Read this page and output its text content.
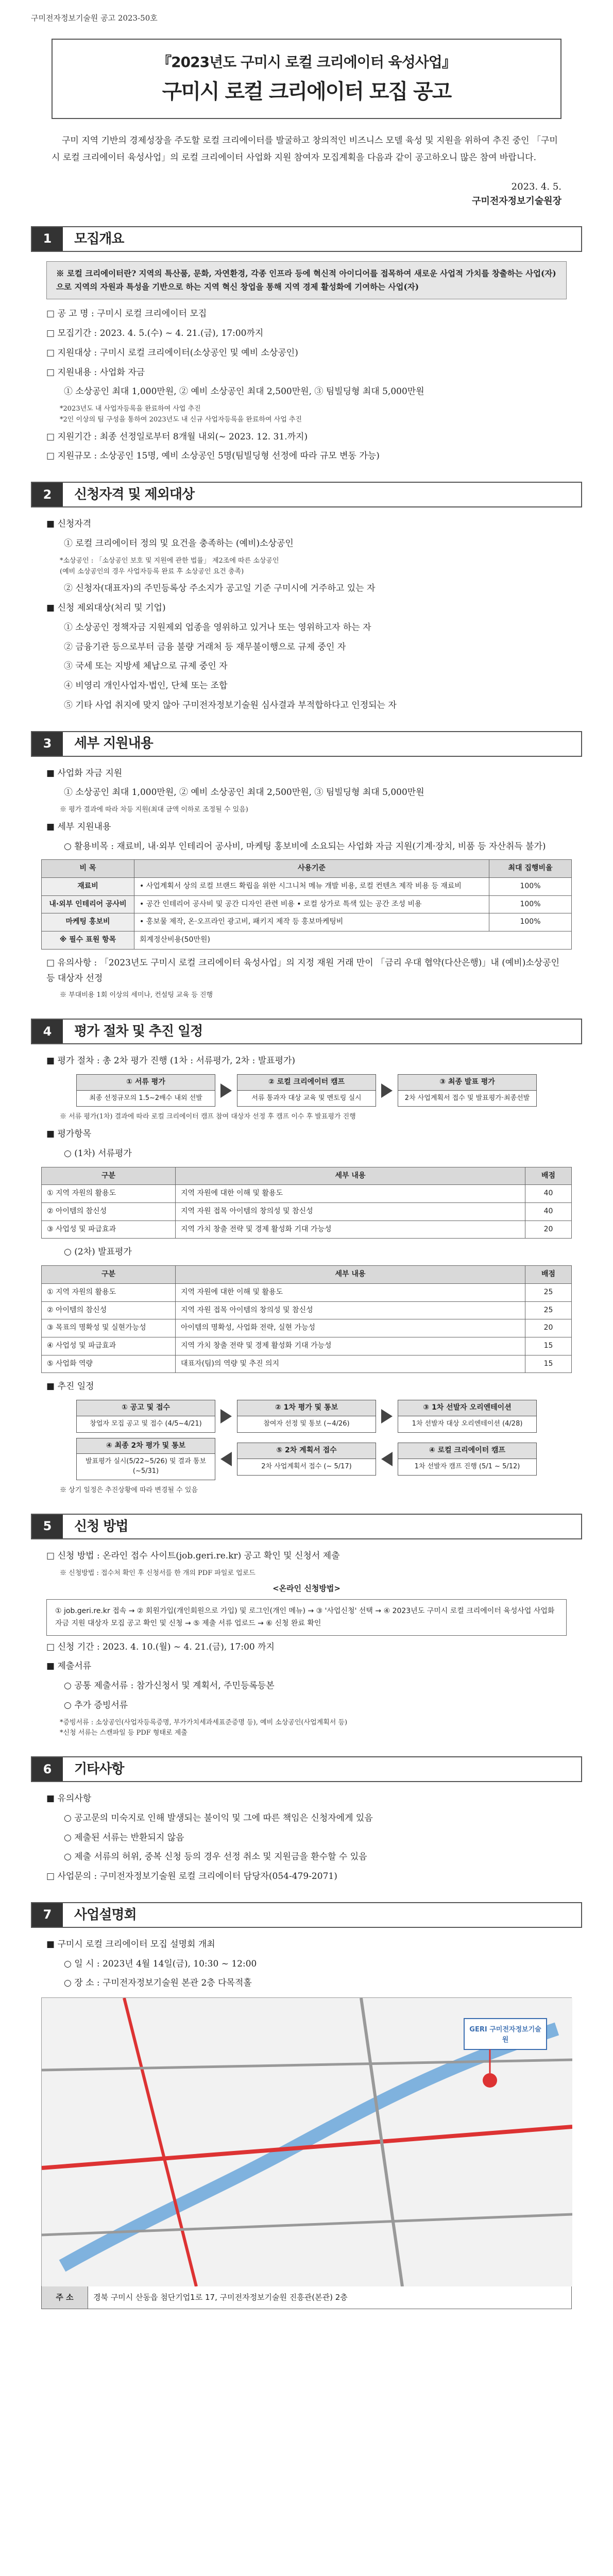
구미전자정보기술원 공고 2023-50호
『2023년도 구미시 로컬 크리에이터 육성사업』
구미시 로컬 크리에이터 모집 공고

구미 지역 기반의 경제성장을 주도할 로컬 크리에이터를 발굴하고 창의적인 비즈니스 모델 육성 및 지원을 위하여 추진 중인 「구미시 로컬 크리에이터 육성사업」의 로컬 크리에이터 사업화 지원 참여자 모집계획을 다음과 같이 공고하오니 많은 참여 바랍니다.

2023. 4. 5.
구미전자정보기술원장
1	모집개요
※ 로컬 크리에이터란? 지역의 특산품, 문화, 자연환경, 각종 인프라 등에 혁신적 아이디어를 접목하여 새로운 사업적 가치를 창출하는 사업(자)으로 지역의 자원과 특성을 기반으로 하는 지역 혁신 창업을 통해 지역 경제 활성화에 기여하는 사업(자)
□ 공 고 명 : 구미시 로컬 크리에이터 모집
□ 모집기간 : 2023. 4. 5.(수) ~ 4. 21.(금), 17:00까지
□ 지원대상 : 구미시 로컬 크리에이터(소상공인 및 예비 소상공인)
□ 지원내용 : 사업화 자금
① 소상공인 최대 1,000만원, ② 예비 소상공인 최대 2,500만원, ③ 팀빌딩형 최대 5,000만원
*2023년도 내 사업자등록을 완료하여 사업 추진
*2인 이상의 팀 구성을 통하여 2023년도 내 신규 사업자등록을 완료하여 사업 추진
□ 지원기간 : 최종 선정일로부터 8개월 내외(~ 2023. 12. 31.까지)
□ 지원규모 : 소상공인 15명, 예비 소상공인 5명(팀빌딩형 선정에 따라 규모 변동 가능)
2	신청자격 및 제외대상
■ 신청자격
① 로컬 크리에이터 정의 및 요건을 충족하는 (예비)소상공인
*소상공인 : 「소상공인 보호 및 지원에 관한 법률」 제2조에 따른 소상공인
(예비 소상공인의 경우 사업자등록 완료 후 소상공인 요건 충족)
② 신청자(대표자)의 주민등록상 주소지가 공고일 기준 구미시에 거주하고 있는 자
■ 신청 제외대상(처리 및 기업)
① 소상공인 정책자금 지원제외 업종을 영위하고 있거나 또는 영위하고자 하는 자
② 금융기관 등으로부터 금융 불량 거래처 등 재무불이행으로 규제 중인 자
③ 국세 또는 지방세 체납으로 규제 중인 자
④ 비영리 개인사업자·법인, 단체 또는 조합
⑤ 기타 사업 취지에 맞지 않아 구미전자정보기술원 심사결과 부적합하다고 인정되는 자
3	세부 지원내용
■ 사업화 자금 지원
① 소상공인 최대 1,000만원, ② 예비 소상공인 최대 2,500만원, ③ 팀빌딩형 최대 5,000만원
※ 평가 결과에 따라 차등 지원(최대 금액 이하로 조정될 수 있음)
■ 세부 지원내용
○ 활용비목 : 재료비, 내·외부 인테리어 공사비, 마케팅 홍보비에 소요되는 사업화 자금 지원(기계·장치, 비품 등 자산취득 불가)
비 목	사용기준	최대 집행비율
재료비	• 사업계획서 상의 로컬 브랜드 확립을 위한 시그니처 메뉴 개발 비용, 로컬 컨텐츠 제작 비용 등 재료비	100%
내·외부 인테리어 공사비	• 공간 인테리어 공사비 및 공간 디자인 관련 비용 • 로컬 상가로 특색 있는 공간 조성 비용	100%
마케팅 홍보비	• 홍보물 제작, 온·오프라인 광고비, 패키지 제작 등 홍보마케팅비	100%
※ 필수 표원 항목	회계정산비용(50만원)	
□ 유의사항 : 「2023년도 구미시 로컬 크리에이터 육성사업」의 지정 재원 거래 만이 「금리 우대 협약(다산은행)」내 (예비)소상공인 등 대상자 선정
※ 부대비용 1회 이상의 세미나, 컨설팅 교육 등 진행
4	평가 절차 및 추진 일정
■ 평가 절차 : 총 2차 평가 진행 (1차 : 서류평가, 2차 : 발표평가)
① 서류 평가
최종 선정규모의 1.5~2배수 내외 선발
② 로컬 크리에이터 캠프
서류 통과자 대상 교육 및 멘토링 실시
③ 최종 발표 평가
2차 사업계획서 접수 및 발표평가·최종선발
※ 서류 평가(1차) 결과에 따라 로컬 크리에이터 캠프 참여 대상자 선정 후 캠프 이수 후 발표평가 진행
■ 평가항목
○ (1차) 서류평가
구분	세부 내용	배점
① 지역 자원의 활용도	지역 자원에 대한 이해 및 활용도	40
② 아이템의 참신성	지역 자원 접목 아이템의 창의성 및 참신성	40
③ 사업성 및 파급효과	지역 가치 창출 전략 및 경제 활성화 기대 가능성	20
○ (2차) 발표평가
구분	세부 내용	배점
① 지역 자원의 활용도	지역 자원에 대한 이해 및 활용도	25
② 아이템의 참신성	지역 자원 접목 아이템의 창의성 및 참신성	25
③ 목표의 명확성 및 실현가능성	아이템의 명확성, 사업화 전략, 실현 가능성	20
④ 사업성 및 파급효과	지역 가치 창출 전략 및 경제 활성화 기대 가능성	15
⑤ 사업화 역량	대표자(팀)의 역량 및 추진 의지	15
■ 추진 일정
① 공고 및 접수
창업자 모집 공고 및 접수 (4/5~4/21)
② 1차 평가 및 통보
참여자 선정 및 통보 (~4/26)
③ 1차 선발자 오리엔테이션
1차 선발자 대상 오리엔테이션 (4/28)
④ 최종 2차 평가 및 통보
발표평가 실시(5/22~5/26) 및 결과 통보(~5/31)
⑤ 2차 계획서 접수
2차 사업계획서 접수 (~ 5/17)
④ 로컬 크리에이터 캠프
1차 선발자 캠프 진행 (5/1 ~ 5/12)
※ 상기 일정은 추진상황에 따라 변경될 수 있음
5	신청 방법
□ 신청 방법 : 온라인 접수 사이트(job.geri.re.kr) 공고 확인 및 신청서 제출
※ 신청방법 : 접수처 확인 후 신청서를 한 개의 PDF 파일로 업로드
<온라인 신청방법>
① job.geri.re.kr 접속 → ② 회원가입(개인회원으로 가입) 및 로그인(개인 메뉴) → ③ '사업신청' 선택 → ④ 2023년도 구미시 로컬 크리에이터 육성사업 사업화자금 지원 대상자 모집 공고 확인 및 신청 → ⑤ 제출 서류 업로드 → ⑥ 신청 완료 확인
□ 신청 기간 : 2023. 4. 10.(월) ~ 4. 21.(금), 17:00 까지
■ 제출서류
○ 공통 제출서류 : 참가신청서 및 계획서, 주민등록등본
○ 추가 증빙서류
*증빙서류 : 소상공인(사업자등록증명, 부가가치세과세표준증명 등), 예비 소상공인(사업계획서 등)
*신청 서류는 스캔파일 등 PDF 형태로 제출
6	기타사항
■ 유의사항
○ 공고문의 미숙지로 인해 발생되는 불이익 및 그에 따른 책임은 신청자에게 있음
○ 제출된 서류는 반환되지 않음
○ 제출 서류의 허위, 중복 신청 등의 경우 선정 취소 및 지원금을 환수할 수 있음
□ 사업문의 : 구미전자정보기술원 로컬 크리에이터 담당자(054-479-2071)
7	사업설명회
■ 구미시 로컬 크리에이터 모집 설명회 개최
○ 일 시 : 2023년 4월 14일(금), 10:30 ~ 12:00
○ 장 소 : 구미전자정보기술원 본관 2층 다목적홀
GERI 구미전자정보기술원
주 소	경북 구미시 산동읍 첨단기업1로 17, 구미전자정보기술원 진흥관(본관) 2층
